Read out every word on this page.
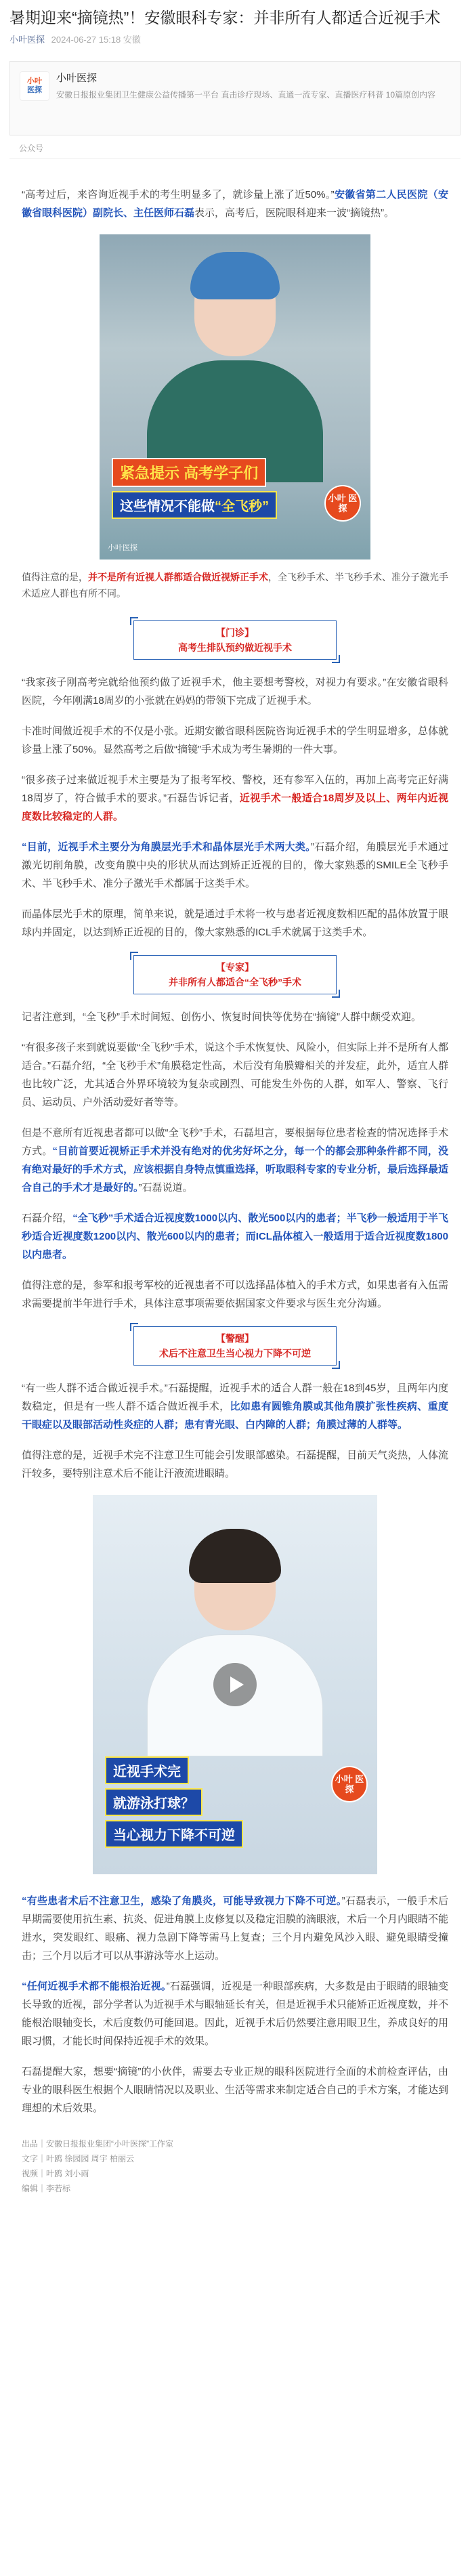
暑期迎来“摘镜热”！安徽眼科专家：并非所有人都适合近视手术
小叶医探 2024-06-27 15:18 安徽
小叶
医探
小叶医探
安徽日报报业集团卫生健康公益传播第一平台 直击诊疗现场、直通一流专家、直播医疗科普 10篇原创内容
公众号

“高考过后，来咨询近视手术的考生明显多了，就诊量上涨了近50%。”安徽省第二人民医院（安徽省眼科医院）副院长、主任医师石磊表示，高考后，医院眼科迎来一波“摘镜热”。

紧急提示 高考学子们
这些情况不能做“全飞秒”
小叶 医探
小叶医探
值得注意的是，并不是所有近视人群都适合做近视矫正手术，全飞秒手术、半飞秒手术、准分子激光手术适应人群也有所不同。
【门诊】
高考生排队预约做近视手术

“我家孩子刚高考完就给他预约做了近视手术，他主要想考警校，对视力有要求。”在安徽省眼科医院，今年刚满18周岁的小张就在妈妈的带领下完成了近视手术。

卡准时间做近视手术的不仅是小张。近期安徽省眼科医院咨询近视手术的学生明显增多，总体就诊量上涨了50%。显然高考之后做“摘镜”手术成为考生暑期的一件大事。

“很多孩子过来做近视手术主要是为了报考军校、警校，还有参军入伍的，再加上高考完正好满18周岁了，符合做手术的要求。”石磊告诉记者，近视手术一般适合18周岁及以上、两年内近视度数比较稳定的人群。

“目前，近视手术主要分为角膜层光手术和晶体层光手术两大类。”石磊介绍，角膜层光手术通过激光切削角膜，改变角膜中央的形状从而达到矫正近视的目的，像大家熟悉的SMILE全飞秒手术、半飞秒手术、准分子激光手术都属于这类手术。

而晶体层光手术的原理，简单来说，就是通过手术将一枚与患者近视度数相匹配的晶体放置于眼球内并固定，以达到矫正近视的目的，像大家熟悉的ICL手术就属于这类手术。

【专家】
并非所有人都适合“全飞秒”手术

记者注意到，“全飞秒”手术时间短、创伤小、恢复时间快等优势在“摘镜”人群中颇受欢迎。

“有很多孩子来到就说要做“全飞秒”手术，说这个手术恢复快、风险小，但实际上并不是所有人都适合。”石磊介绍，“全飞秒手术”角膜稳定性高，术后没有角膜瓣相关的并发症，此外，适宜人群也比较广泛，尤其适合外界环境较为复杂或剧烈、可能发生外伤的人群，如军人、警察、飞行员、运动员、户外活动爱好者等等。

但是不意所有近视患者都可以做“全飞秒”手术，石磊坦言，要根据每位患者检查的情况选择手术方式。“目前首要近视矫正手术并没有绝对的优劣好坏之分，每一个的都会那种条件都不同，没有绝对最好的手术方式，应该根据自身特点慎重选择，听取眼科专家的专业分析，最后选择最适合自己的手术才是最好的。”石磊说道。

石磊介绍，“全飞秒”手术适合近视度数1000以内、散光500以内的患者；半飞秒一般适用于半飞秒适合近视度数1200以内、散光600以内的患者；而ICL晶体植入一般适用于适合近视度数1800以内患者。

值得注意的是，参军和报考军校的近视患者不可以选择晶体植入的手术方式，如果患者有入伍需求需要提前半年进行手术，具体注意事项需要依据国家文件要求与医生充分沟通。

【警醒】
术后不注意卫生当心视力下降不可逆

“有一些人群不适合做近视手术。”石磊提醒，近视手术的适合人群一般在18到45岁，且两年内度数稳定，但是有一些人群不适合做近视手术，比如患有圆锥角膜或其他角膜扩张性疾病、重度干眼症以及眼部活动性炎症的人群；患有青光眼、白内障的人群；角膜过薄的人群等。

值得注意的是，近视手术完不注意卫生可能会引发眼部感染。石磊提醒，目前天气炎热，人体流汗较多，要特别注意术后不能让汗液流进眼睛。

近视手术完
就游泳打球？
当心视力下降不可逆
小叶 医探

“有些患者术后不注意卫生，感染了角膜炎，可能导致视力下降不可逆。”石磊表示，一般手术后早期需要使用抗生素、抗炎、促进角膜上皮修复以及稳定泪膜的滴眼液，术后一个月内眼睛不能进水，突发眼红、眼痛、视力急剧下降等需马上复查；三个月内避免风沙入眼、避免眼睛受撞击；三个月以后才可以从事游泳等水上运动。

“任何近视手术都不能根治近视。”石磊强调，近视是一种眼部疾病，大多数是由于眼睛的眼轴变长导致的近视，部分学者认为近视手术与眼轴延长有关，但是近视手术只能矫正近视度数，并不能根治眼轴变长，术后度数仍可能回退。因此，近视手术后仍然要注意用眼卫生，养成良好的用眼习惯，才能长时间保持近视手术的效果。

石磊提醒大家，想要“摘镜”的小伙伴，需要去专业正规的眼科医院进行全面的术前检查评估，由专业的眼科医生根据个人眼睛情况以及职业、生活等需求来制定适合自己的手术方案，才能达到理想的术后效果。

出品｜安徽日报报业集团“小叶医探”工作室
文字｜叶鸥 徐园园 周宇 柏丽云
视频｜叶鸥 刘小雨
编辑｜李若标
